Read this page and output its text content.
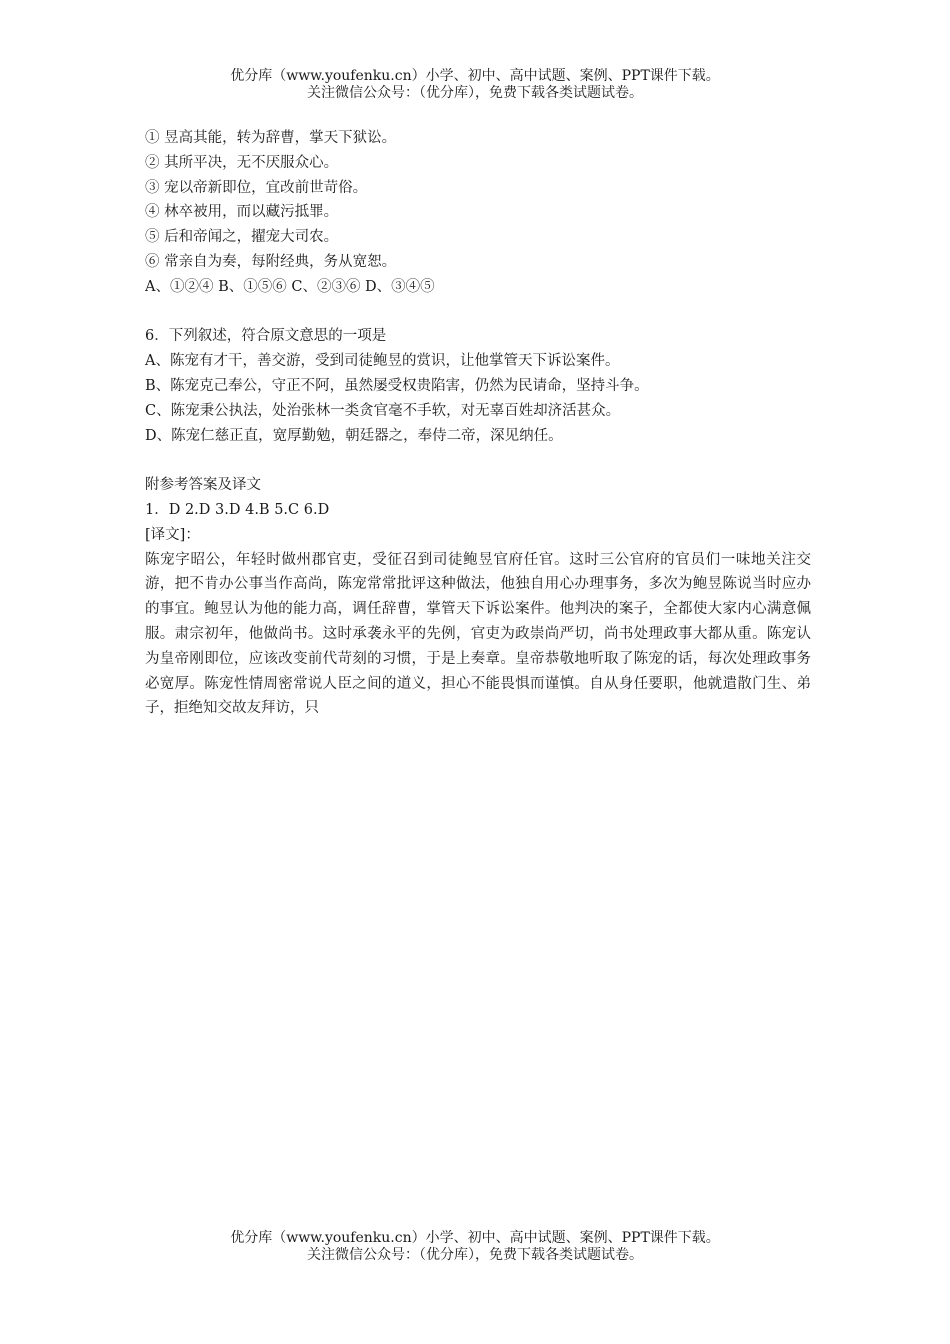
优分库（www.youfenku.cn）小学、初中、高中试题、案例、PPT课件下载。
关注微信公众号：（优分库），免费下载各类试题试卷。
① 昱高其能，转为辞曹，掌天下狱讼。
② 其所平决，无不厌服众心。
③ 宠以帝新即位，宜改前世苛俗。
④ 林卒被用，而以藏污抵罪。
⑤ 后和帝闻之，擢宠大司农。
⑥ 常亲自为奏，每附经典，务从宽恕。
A、①②④ B、①⑤⑥ C、②③⑥ D、③④⑤
6．下列叙述，符合原文意思的一项是
A、陈宠有才干，善交游，受到司徒鲍昱的赏识，让他掌管天下诉讼案件。
B、陈宠克己奉公，守正不阿，虽然屡受权贵陷害，仍然为民请命，坚持斗争。
C、陈宠秉公执法，处治张林一类贪官毫不手软，对无辜百姓却济活甚众。
D、陈宠仁慈正直，宽厚勤勉，朝廷器之，奉侍二帝，深见纳任。
附参考答案及译文
1．D 2.D 3.D 4.B 5.C 6.D
[译文]：
陈宠字昭公，年轻时做州郡官吏，受征召到司徒鲍昱官府任官。这时三公官府的官员们一味地关注交游，把不肯办公事当作高尚，陈宠常常批评这种做法，他独自用心办理事务，多次为鲍昱陈说当时应办的事宜。鲍昱认为他的能力高，调任辞曹，掌管天下诉讼案件。他判决的案子，全都使大家内心满意佩服。肃宗初年，他做尚书。这时承袭永平的先例，官吏为政崇尚严切，尚书处理政事大都从重。陈宠认为皇帝刚即位，应该改变前代苛刻的习惯，于是上奏章。皇帝恭敬地听取了陈宠的话，每次处理政事务必宽厚。陈宠性情周密常说人臣之间的道义，担心不能畏惧而谨慎。自从身任要职，他就遣散门生、弟子，拒绝知交故友拜访，只
优分库（www.youfenku.cn）小学、初中、高中试题、案例、PPT课件下载。
关注微信公众号：（优分库），免费下载各类试题试卷。
